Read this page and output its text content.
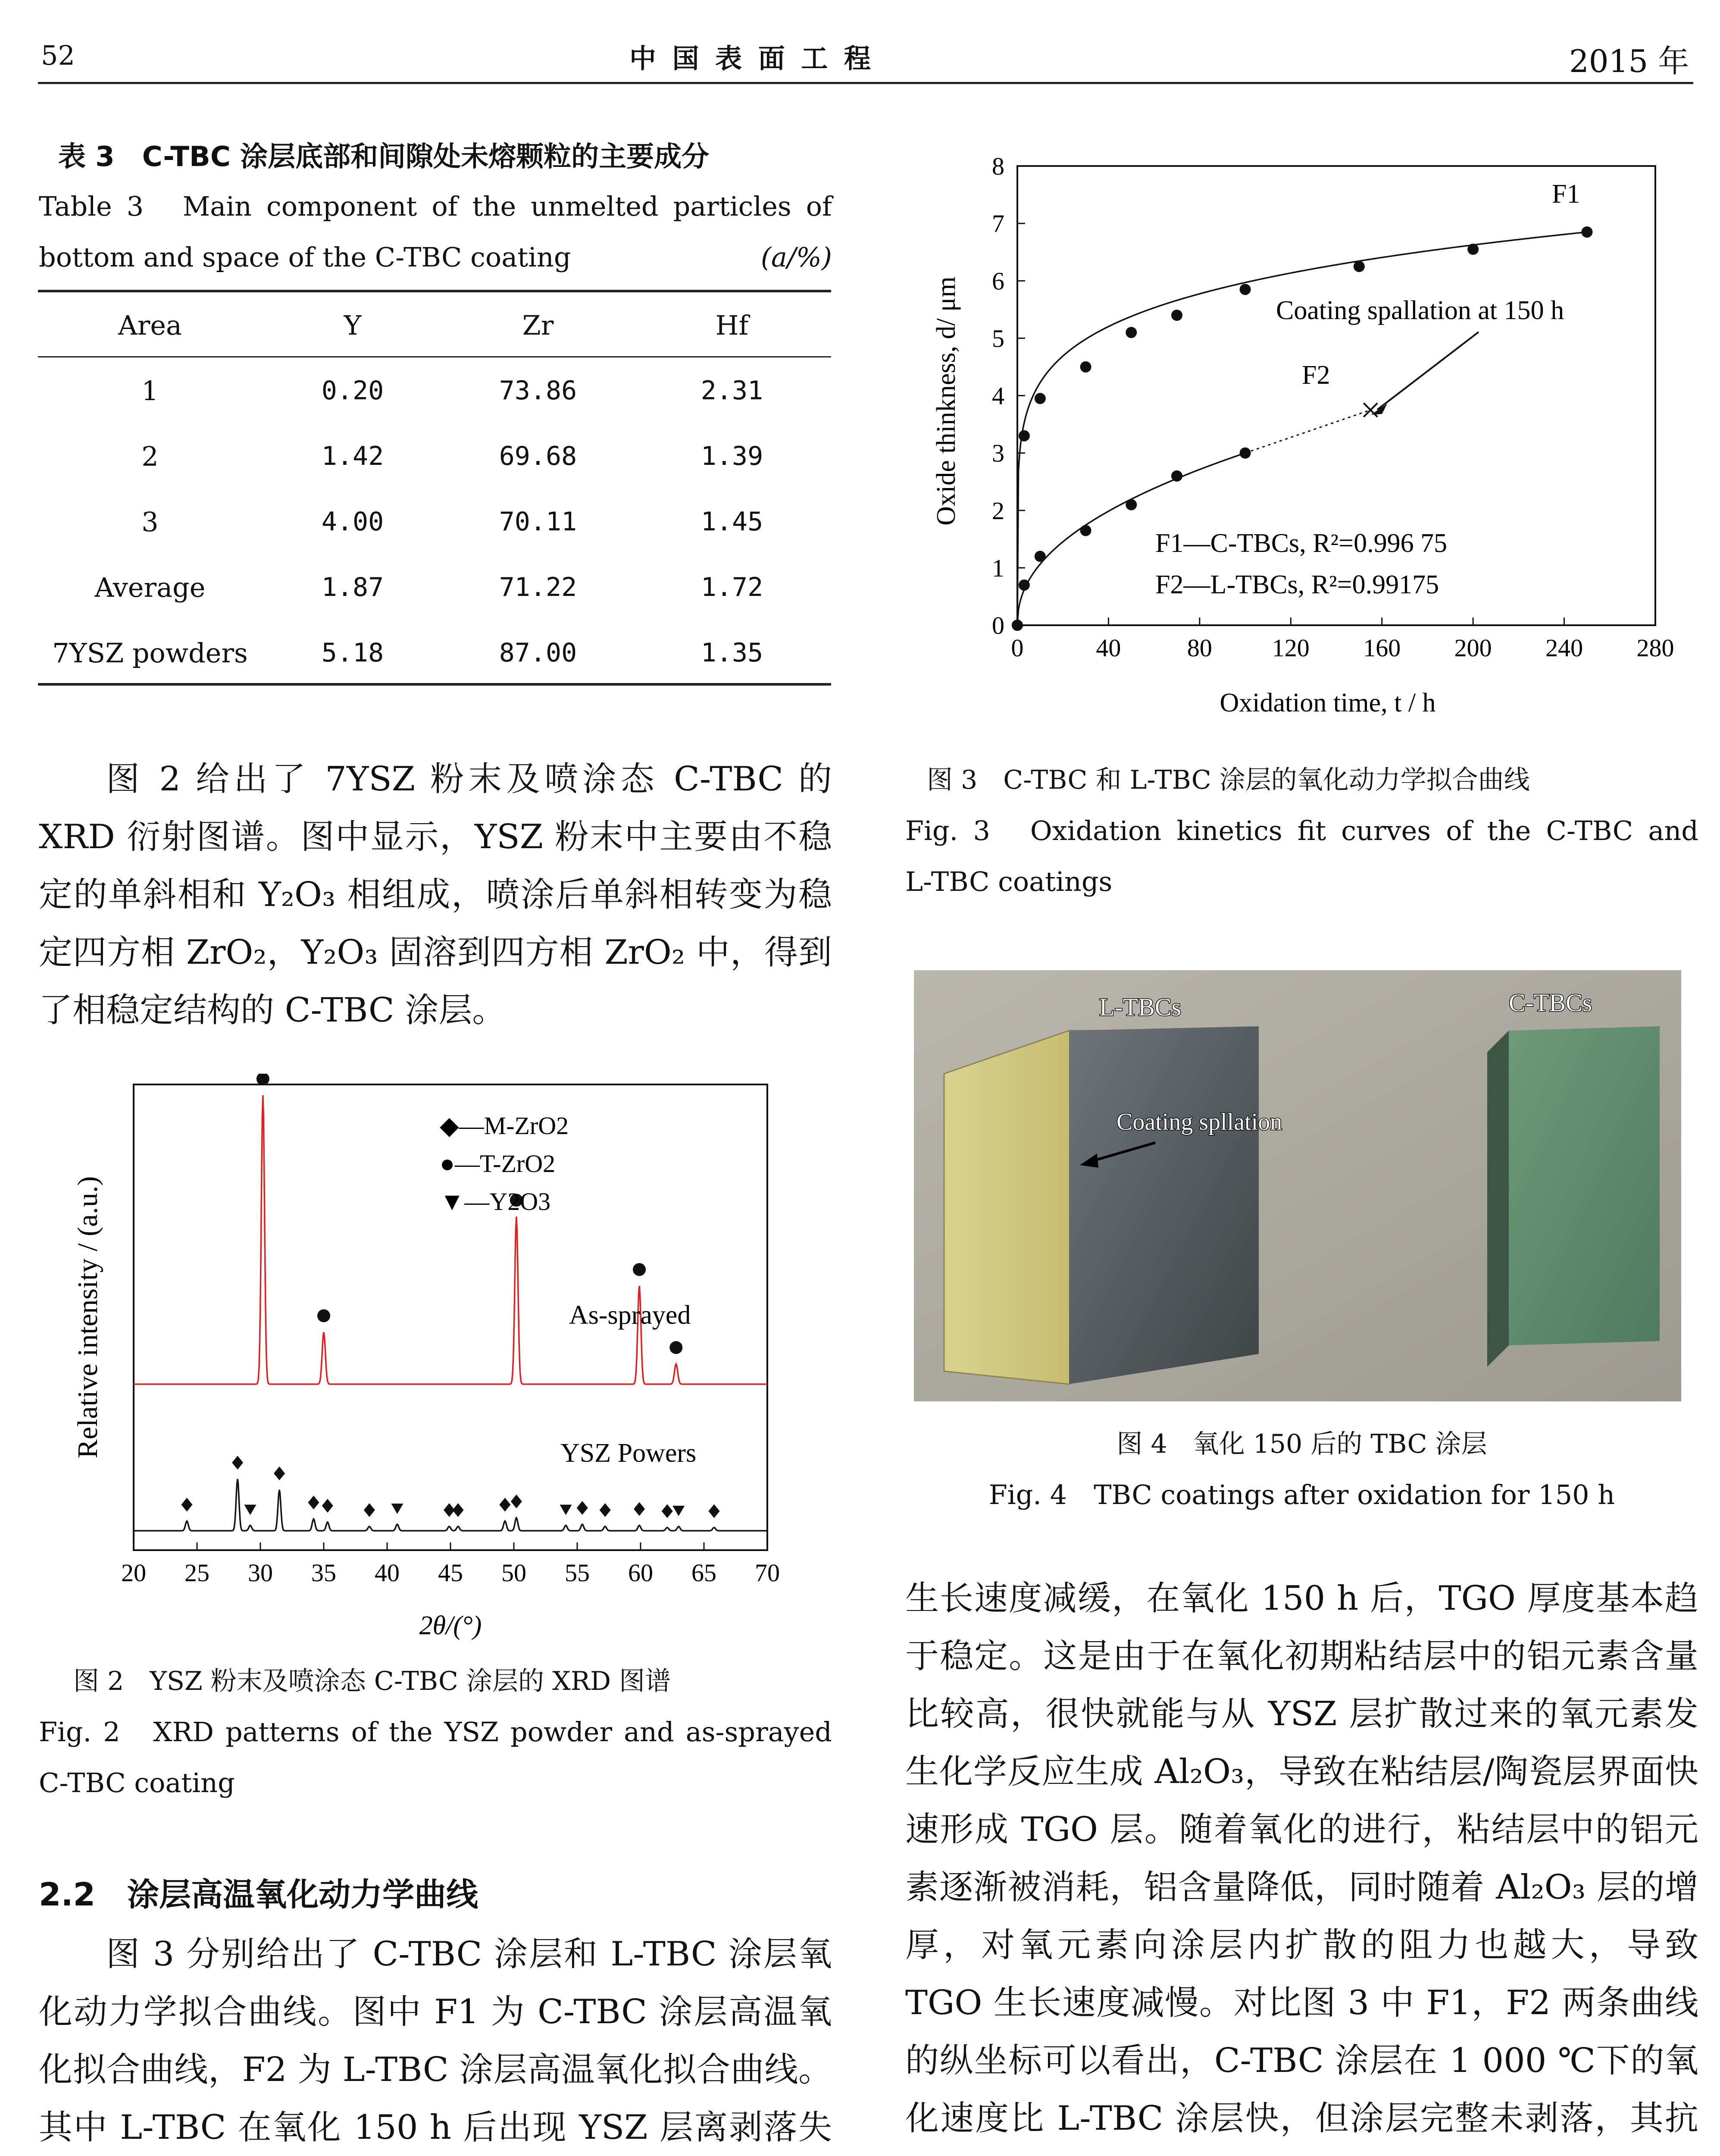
52	中 国 表 面 工 程	2015 年
表 3　C-TBC 涂层底部和间隙处未熔颗粒的主要成分
Table 3　Main component of the unmelted particles of
bottom and space of the C-TBC coating	(a/%)
Area	Y	Zr	Hf
1	0.20	73.86	2.31
2	1.42	69.68	1.39
3	4.00	70.11	1.45
Average	1.87	71.22	1.72
7YSZ powders	5.18	87.00	1.35

图 2 给出了 7YSZ 粉末及喷涂态 C-TBC 的 XRD 衍射图谱。图中显示，YSZ 粉末中主要由不稳定的单斜相和 Y₂O₃ 相组成，喷涂后单斜相转变为稳定四方相 ZrO₂，Y₂O₃ 固溶到四方相 ZrO₂ 中，得到了相稳定结构的 C-TBC 涂层。

20 25 30 35 40 45 50 55 60 65 70
Relative intensity / (a.u.)
2θ/(°)
◆—M-ZrO2
●—T-ZrO2
▼—Y2O3
As-sprayed
YSZ Powers
图 2　YSZ 粉末及喷涂态 C-TBC 涂层的 XRD 图谱
Fig. 2　XRD patterns of the YSZ powder and as-sprayed
C-TBC coating
2.2　涂层高温氧化动力学曲线

图 3 分别给出了 C-TBC 涂层和 L-TBC 涂层氧化动力学拟合曲线。图中 F1 为 C-TBC 涂层高温氧化拟合曲线，F2 为 L-TBC 涂层高温氧化拟合曲线。其中 L-TBC 在氧化 150 h 后出现 YSZ 层离剥落失

0	40	80 120 160 200 240 280
0
1
2
3
4
5
6
7
8
Oxide thinkness, d/ μm
Oxidation time, t / h
F1
F2
Coating spallation at 150 h
F1—C-TBCs, R²=0.996 75
F2—L-TBCs, R²=0.99175
图 3　C-TBC 和 L-TBC 涂层的氧化动力学拟合曲线
Fig. 3　Oxidation kinetics fit curves of the C-TBC and
L-TBC coatings
L-TBCs	C-TBCs
Coating spllation
图 4　氧化 150 后的 TBC 涂层
Fig. 4　TBC coatings after oxidation for 150 h

生长速度减缓，在氧化 150 h 后，TGO 厚度基本趋于稳定。这是由于在氧化初期粘结层中的铝元素含量比较高，很快就能与从 YSZ 层扩散过来的氧元素发生化学反应生成 Al₂O₃，导致在粘结层/陶瓷层界面快速形成 TGO 层。随着氧化的进行，粘结层中的铝元素逐渐被消耗，铝含量降低，同时随着 Al₂O₃ 层的增厚，对氧元素向涂层内扩散的阻力也越大，导致 TGO 生长速度减慢。对比图 3 中 F1，F2 两条曲线的纵坐标可以看出，C-TBC 涂层在 1 000 ℃下的氧化速度比 L-TBC 涂层快，但涂层完整未剥落，其抗
